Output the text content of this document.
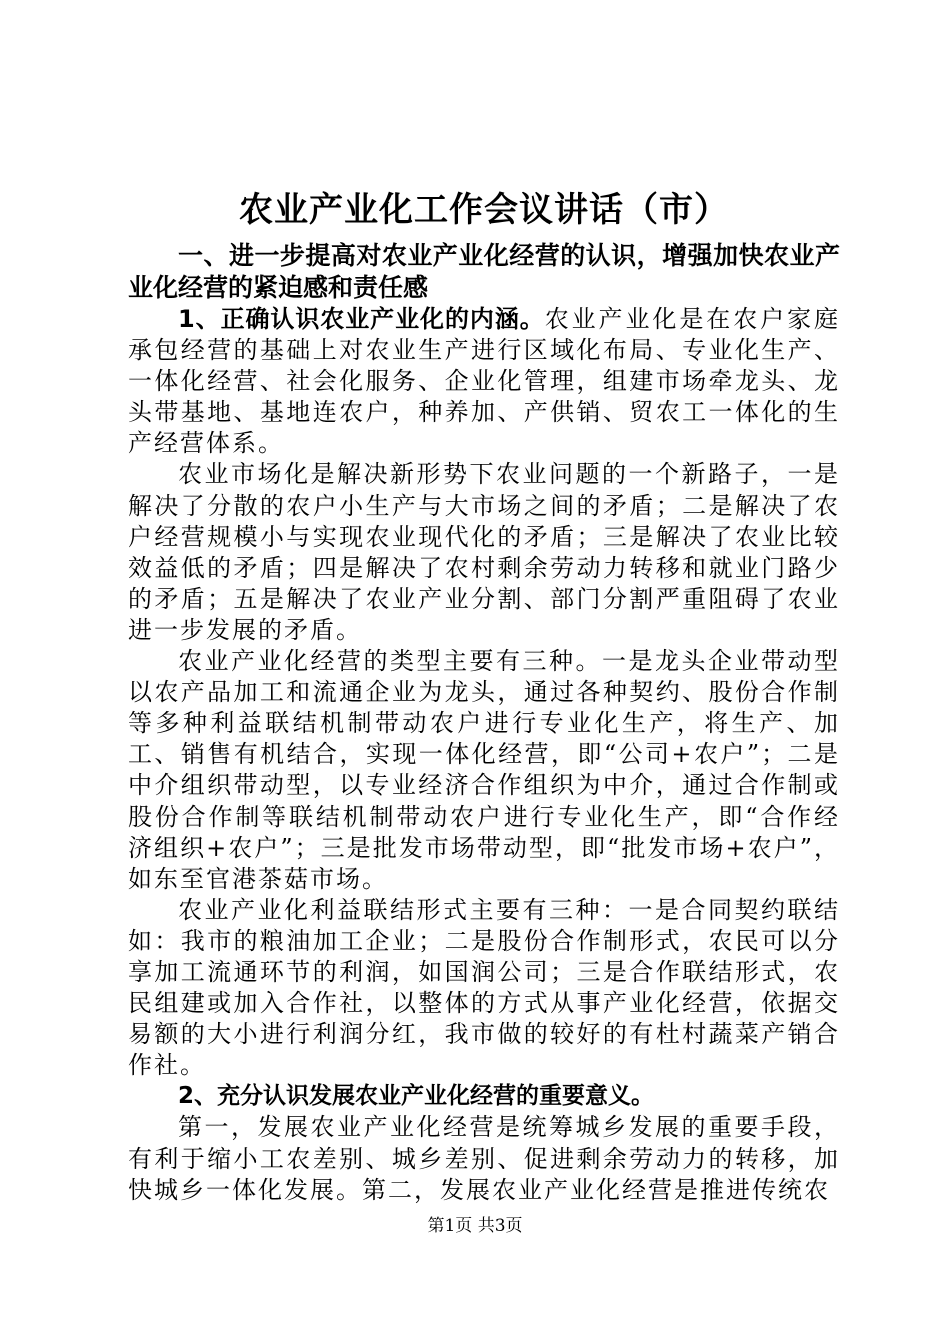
农业产业化工作会议讲话（市）

一、进一步提高对农业产业化经营的认识，增强加快农业产业化经营的紧迫感和责任感

1、正确认识农业产业化的内涵。农业产业化是在农户家庭承包经营的基础上对农业生产进行区域化布局、专业化生产、一体化经营、社会化服务、企业化管理，组建市场牵龙头、龙头带基地、基地连农户，种养加、产供销、贸农工一体化的生产经营体系。

农业市场化是解决新形势下农业问题的一个新路子，一是解决了分散的农户小生产与大市场之间的矛盾；二是解决了农户经营规模小与实现农业现代化的矛盾；三是解决了农业比较效益低的矛盾；四是解决了农村剩余劳动力转移和就业门路少的矛盾；五是解决了农业产业分割、部门分割严重阻碍了农业进一步发展的矛盾。

农业产业化经营的类型主要有三种。一是龙头企业带动型以农产品加工和流通企业为龙头，通过各种契约、股份合作制等多种利益联结机制带动农户进行专业化生产，将生产、加工、销售有机结合，实现一体化经营，即“公司+农户”；二是中介组织带动型，以专业经济合作组织为中介，通过合作制或股份合作制等联结机制带动农户进行专业化生产，即“合作经济组织+农户”；三是批发市场带动型，即“批发市场+农户”，如东至官港茶菇市场。

农业产业化利益联结形式主要有三种：一是合同契约联结如：我市的粮油加工企业；二是股份合作制形式，农民可以分享加工流通环节的利润，如国润公司；三是合作联结形式，农民组建或加入合作社，以整体的方式从事产业化经营，依据交易额的大小进行利润分红，我市做的较好的有杜村蔬菜产销合作社。

2、充分认识发展农业产业化经营的重要意义。

第一，发展农业产业化经营是统筹城乡发展的重要手段，有利于缩小工农差别、城乡差别、促进剩余劳动力的转移，加快城乡一体化发展。第二，发展农业产业化经营是推进传统农

第1页 共3页
